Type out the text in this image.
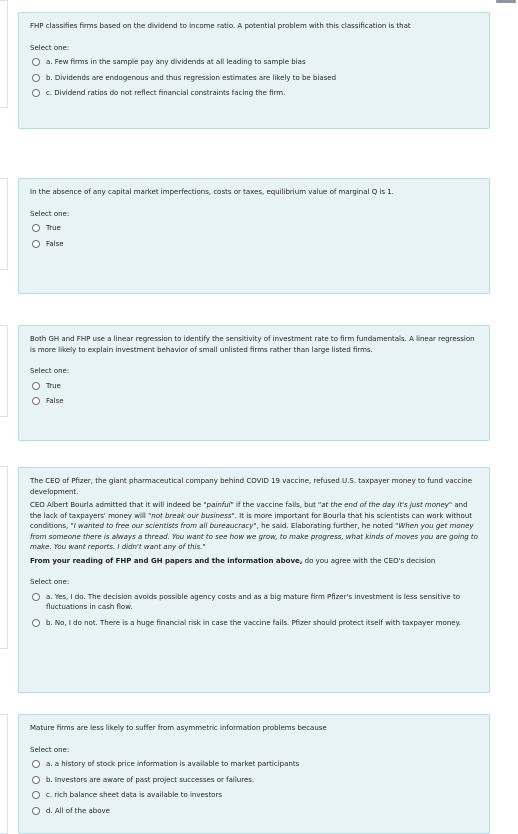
FHP classifies firms based on the dividend to income ratio. A potential problem with this classification is that

Select one:
a. Few firms in the sample pay any dividends at all leading to sample bias
b. Dividends are endogenous and thus regression estimates are likely to be biased
c. Dividend ratios do not reflect financial constraints facing the firm.

In the absence of any capital market imperfections, costs or taxes, equilibrium value of marginal Q is 1.

Select one:
True
False

Both GH and FHP use a linear regression to identify the sensitivity of investment rate to firm fundamentals. A linear regression is more likely to explain investment behavior of small unlisted firms rather than large listed firms.

Select one:
True
False

The CEO of Pfizer, the giant pharmaceutical company behind COVID 19 vaccine, refused U.S. taxpayer money to fund vaccine development.

CEO Albert Bourla admitted that it will indeed be "painful" if the vaccine fails, but "at the end of the day it's just money" and the lack of taxpayers' money will "not break our business". It is more important for Bourla that his scientists can work without conditions, "I wanted to free our scientists from all bureaucracy", he said. Elaborating further, he noted "When you get money from someone there is always a thread. You want to see how we grow, to make progress, what kinds of moves you are going to make. You want reports. I didn't want any of this."

From your reading of FHP and GH papers and the information above, do you agree with the CEO's decision

Select one:
a. Yes, I do. The decision avoids possible agency costs and as a big mature firm Pfizer's investment is less sensitive to fluctuations in cash flow.
b. No, I do not. There is a huge financial risk in case the vaccine fails. Pfizer should protect itself with taxpayer money.

Mature firms are less likely to suffer from asymmetric information problems because

Select one:
a. a history of stock price information is available to market participants
b. Investors are aware of past project successes or failures.
c. rich balance sheet data is available to investors
d. All of the above
